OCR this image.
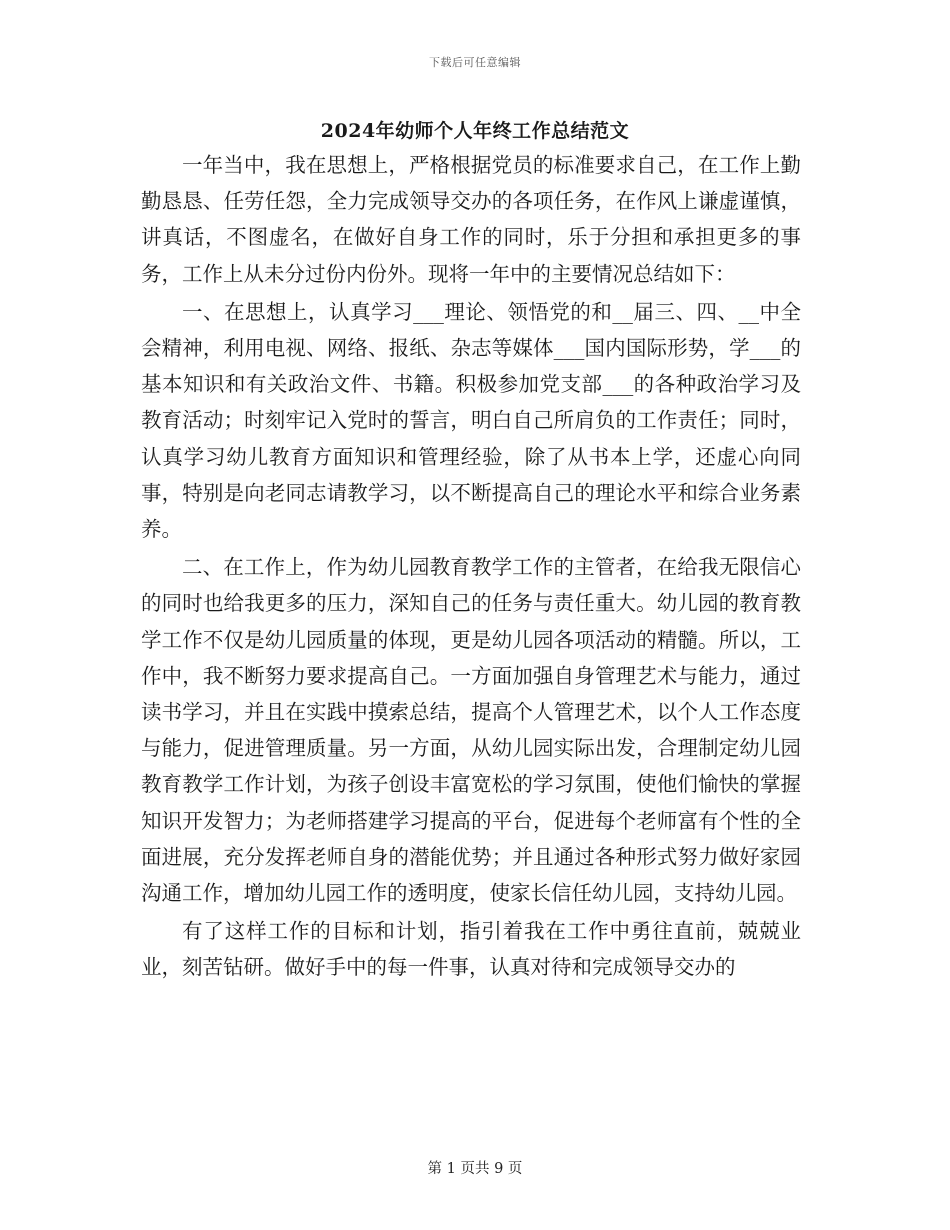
下载后可任意编辑
2024年幼师个人年终工作总结范文

一年当中，我在思想上，严格根据党员的标准要求自己，在工作上勤勤恳恳、任劳任怨，全力完成领导交办的各项任务，在作风上谦虚谨慎，讲真话，不图虚名，在做好自身工作的同时，乐于分担和承担更多的事务，工作上从未分过份内份外。现将一年中的主要情况总结如下：

一、在思想上，认真学习___理论、领悟党的和__届三、四、__中全会精神，利用电视、网络、报纸、杂志等媒体___国内国际形势，学___的基本知识和有关政治文件、书籍。积极参加党支部___的各种政治学习及教育活动；时刻牢记入党时的誓言，明白自己所肩负的工作责任；同时，认真学习幼儿教育方面知识和管理经验，除了从书本上学，还虚心向同事，特别是向老同志请教学习，以不断提高自己的理论水平和综合业务素养。

二、在工作上，作为幼儿园教育教学工作的主管者，在给我无限信心的同时也给我更多的压力，深知自己的任务与责任重大。幼儿园的教育教学工作不仅是幼儿园质量的体现，更是幼儿园各项活动的精髓。所以，工作中，我不断努力要求提高自己。一方面加强自身管理艺术与能力，通过读书学习，并且在实践中摸索总结，提高个人管理艺术，以个人工作态度与能力，促进管理质量。另一方面，从幼儿园实际出发，合理制定幼儿园教育教学工作计划，为孩子创设丰富宽松的学习氛围，使他们愉快的掌握知识开发智力；为老师搭建学习提高的平台，促进每个老师富有个性的全面进展，充分发挥老师自身的潜能优势；并且通过各种形式努力做好家园沟通工作，增加幼儿园工作的透明度，使家长信任幼儿园，支持幼儿园。

有了这样工作的目标和计划，指引着我在工作中勇往直前，兢兢业业，刻苦钻研。做好手中的每一件事，认真对待和完成领导交办的

第 1 页共 9 页
